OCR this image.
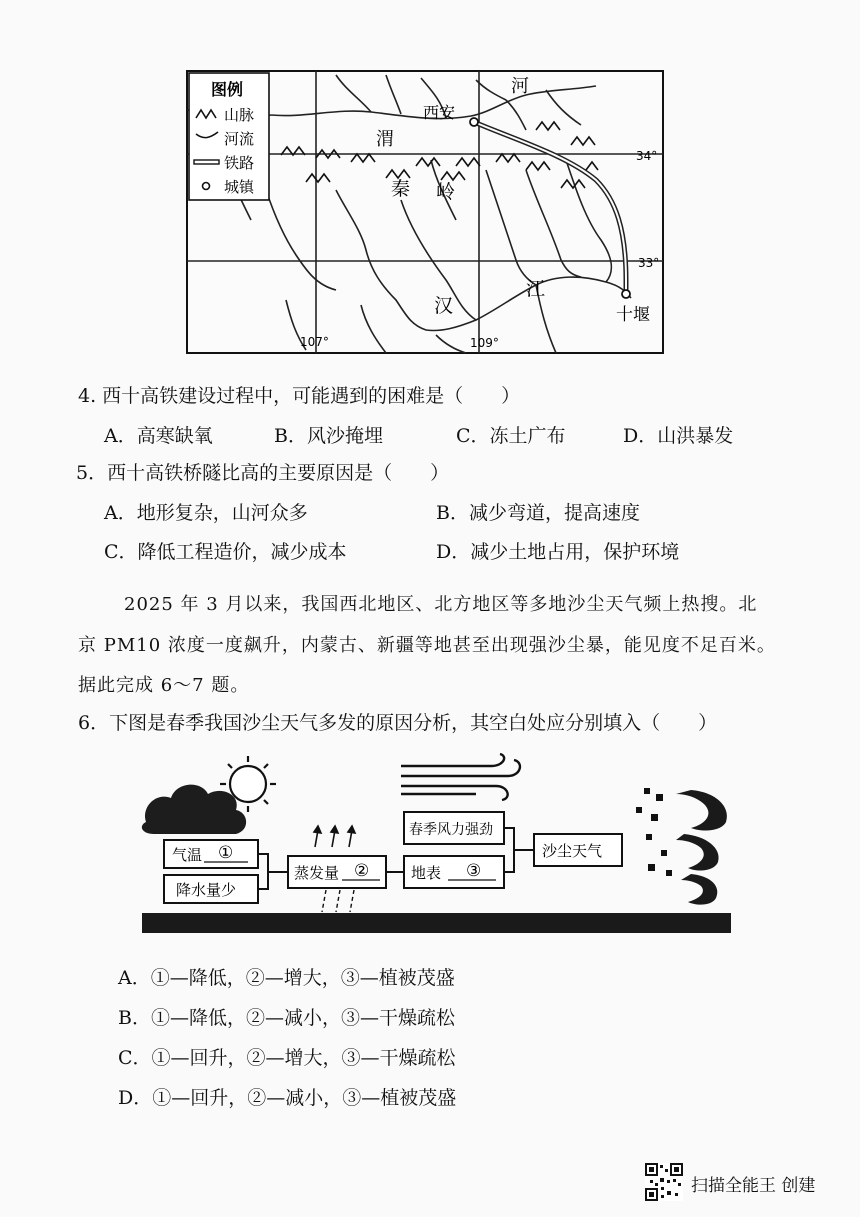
图例
山脉
河流
铁路
城镇
西安
河
渭
秦 岭
汉
江
十堰
34°
33°
107°	109°
4. 西十高铁建设过程中，可能遇到的困难是（　　）
A．高寒缺氧	B．风沙掩埋	C．冻土广布	D．山洪暴发
5．西十高铁桥隧比高的主要原因是（　　）
A．地形复杂，山河众多	B．减少弯道，提高速度
C．降低工程造价，减少成本	D．减少土地占用，保护环境
2025 年 3 月以来，我国西北地区、北方地区等多地沙尘天气频上热搜。北
京 PM10 浓度一度飙升，内蒙古、新疆等地甚至出现强沙尘暴，能见度不足百米。
据此完成 6～7 题。
6．下图是春季我国沙尘天气多发的原因分析，其空白处应分别填入（　　）
气温 ①
降水量少
蒸发量 ②
春季风力强劲
地表 ③
沙尘天气
A．①—降低，②—增大，③—植被茂盛
B．①—降低，②—减小，③—干燥疏松
C．①—回升，②—增大，③—干燥疏松
D．①—回升，②—减小，③—植被茂盛
扫描全能王 创建
